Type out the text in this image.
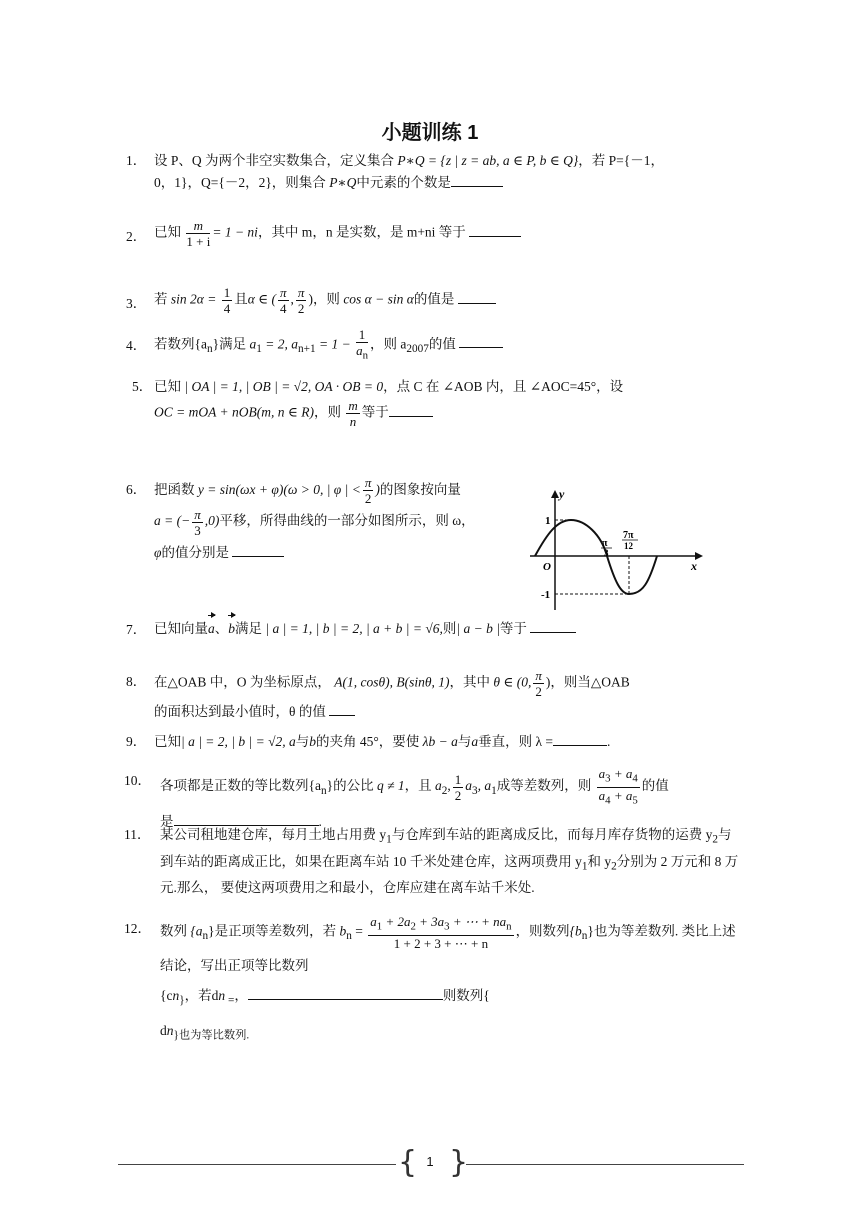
小题训练 1
1． 设 P、Q 为两个非空实数集合，定义集合 P∗Q = {z | z = ab, a ∈ P, b ∈ Q}，若 P={－1，
0，1}，Q={－2，2}，则集合 P∗Q中元素的个数是
2． 已知 $\frac{m}{1 + i} = 1$ − ni，其中 m，n 是实数，是 m+ni 等于
3． 若 $\sin 2\alpha = \frac{1}{4}$ 且α ∈ ( $\frac{\pi}{4}$ , $\frac{\pi}{2}$ )，则 cos α − sin α的值是
4． 若数列$\{a_n\}$满足 $a_1 = 2$, $a_{n+1} = 1 - \frac{1}{a_n}$ ，则 $a_{2007}$的值
5． 已知 | OA | = 1, | OB | = √2, OA · OB = 0，点 C 在 ∠AOB 内，且 ∠AOC=45°，设
OC = mOA + nOB(m, n ∈ R)，则 $\frac{m}{n}$ 等于
6． 把函数 y = sin(ωx + φ)(ω > 0, | φ | < $\frac{\pi}{2}$ )的图象按向量
a = (− $\frac{\pi}{3} ,0$)平移，所得曲线的一部分如图所示，则 ω，
φ的值分别是
y
x
O
1
-1
π
3
7π
12
7． 已知向量a、b满足 | a | = 1, | b | = 2, | a + b | = √6,则| a − b |等于
8． 在△OAB 中，O 为坐标原点， A(1, cosθ), B(sinθ, 1)，其中 θ ∈ (0, $\frac{\pi}{2}$ )，则当△OAB
的面积达到最小值时，θ 的值
9． 已知| a | = 2, | b | = √2, a与b的夹角 45°，要使 λb − a与a垂直，则 λ =	.
10． 各项都是正数的等比数列$\{a_n\}$的公比 q ≠ 1，且 $a_2$, $\frac{1}{2} a_3$, $a_1$成等差数列，则 $\frac{a_3 + a_4}{a_4 + a_5}$ 的值
是	.
11． 某公司租地建仓库，每月土地占用费 $y_1$与仓库到车站的距离成反比，而每月库存货物的运费 $y_2$与到车站的距离成正比，如果在距离车站 10 千米处建仓库，这两项费用 $y_1$和 $y_2$分别为 2 万元和 8 万元.那么， 要使这两项费用之和最小，仓库应建在离车站千米处.
12． 数列 $\{a_n\}$是正项等差数列，若 $b_n = \frac{a_1 + 2a_2 + 3a_3 + \cdots + na_n}{1 + 2 + 3 + \cdots + n}$ ，则数列$\{b_n\}$也为等差数列. 类比上述结论，写出正项等比数列
{$cn_{\}}$，若dn $_=$，	则数列{
$dn_{\}也为等比数列.}$
{ 1 }
